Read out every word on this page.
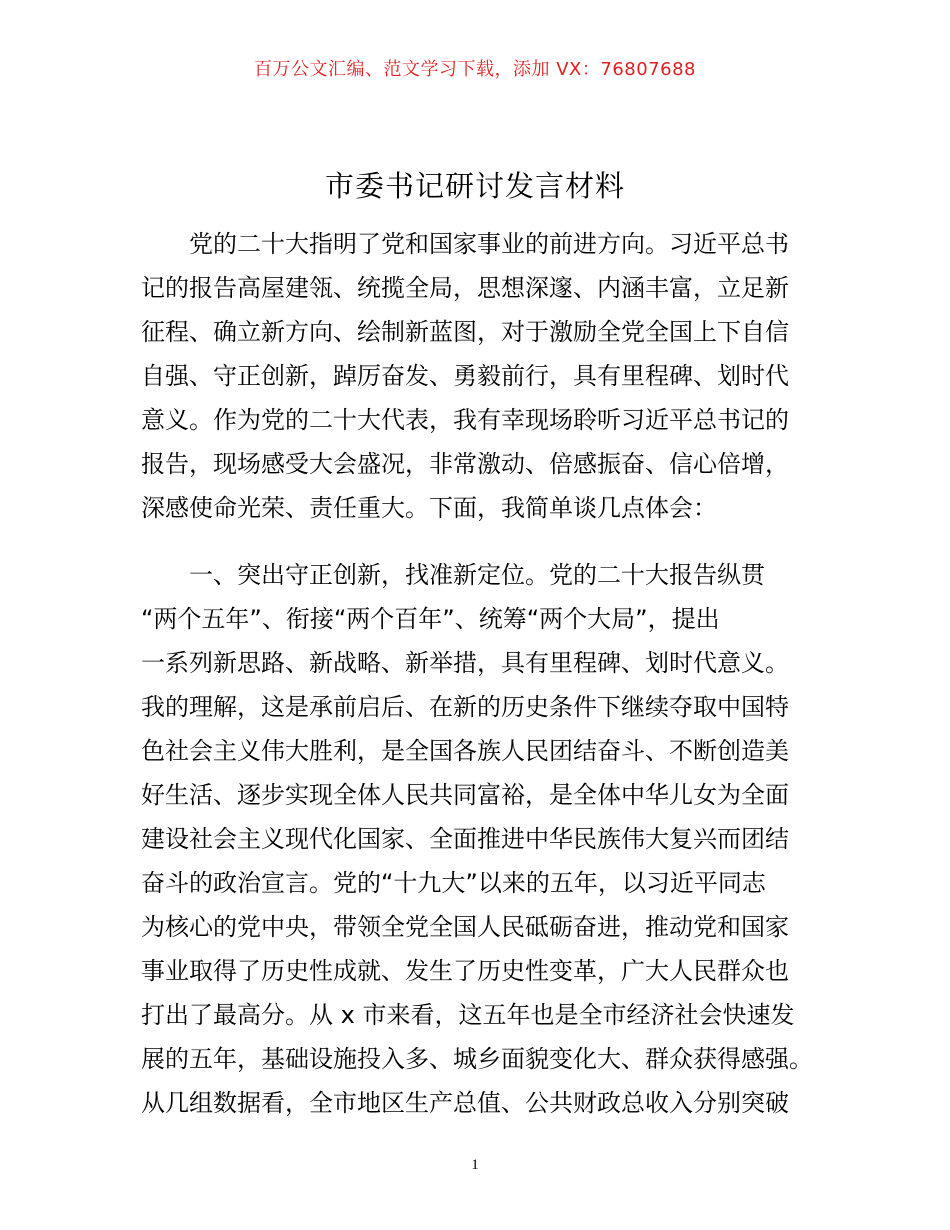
百万公文汇编、范文学习下载，添加 VX：76807688
市委书记研讨发言材料
　　党的二十大指明了党和国家事业的前进方向。习近平总书
记的报告高屋建瓴、统揽全局，思想深邃、内涵丰富，立足新
征程、确立新方向、绘制新蓝图，对于激励全党全国上下自信
自强、守正创新，踔厉奋发、勇毅前行，具有里程碑、划时代
意义。作为党的二十大代表，我有幸现场聆听习近平总书记的
报告，现场感受大会盛况，非常激动、倍感振奋、信心倍增，
深感使命光荣、责任重大。下面，我简单谈几点体会：
　　一、突出守正创新，找准新定位。党的二十大报告纵贯
“两个五年”、衔接“两个百年”、统筹“两个大局”，提出
一系列新思路、新战略、新举措，具有里程碑、划时代意义。
我的理解，这是承前启后、在新的历史条件下继续夺取中国特
色社会主义伟大胜利，是全国各族人民团结奋斗、不断创造美
好生活、逐步实现全体人民共同富裕，是全体中华儿女为全面
建设社会主义现代化国家、全面推进中华民族伟大复兴而团结
奋斗的政治宣言。党的“十九大”以来的五年，以习近平同志
为核心的党中央，带领全党全国人民砥砺奋进，推动党和国家
事业取得了历史性成就、发生了历史性变革，广大人民群众也
打出了最高分。从 x 市来看，这五年也是全市经济社会快速发
展的五年，基础设施投入多、城乡面貌变化大、群众获得感强。
从几组数据看，全市地区生产总值、公共财政总收入分别突破
1
